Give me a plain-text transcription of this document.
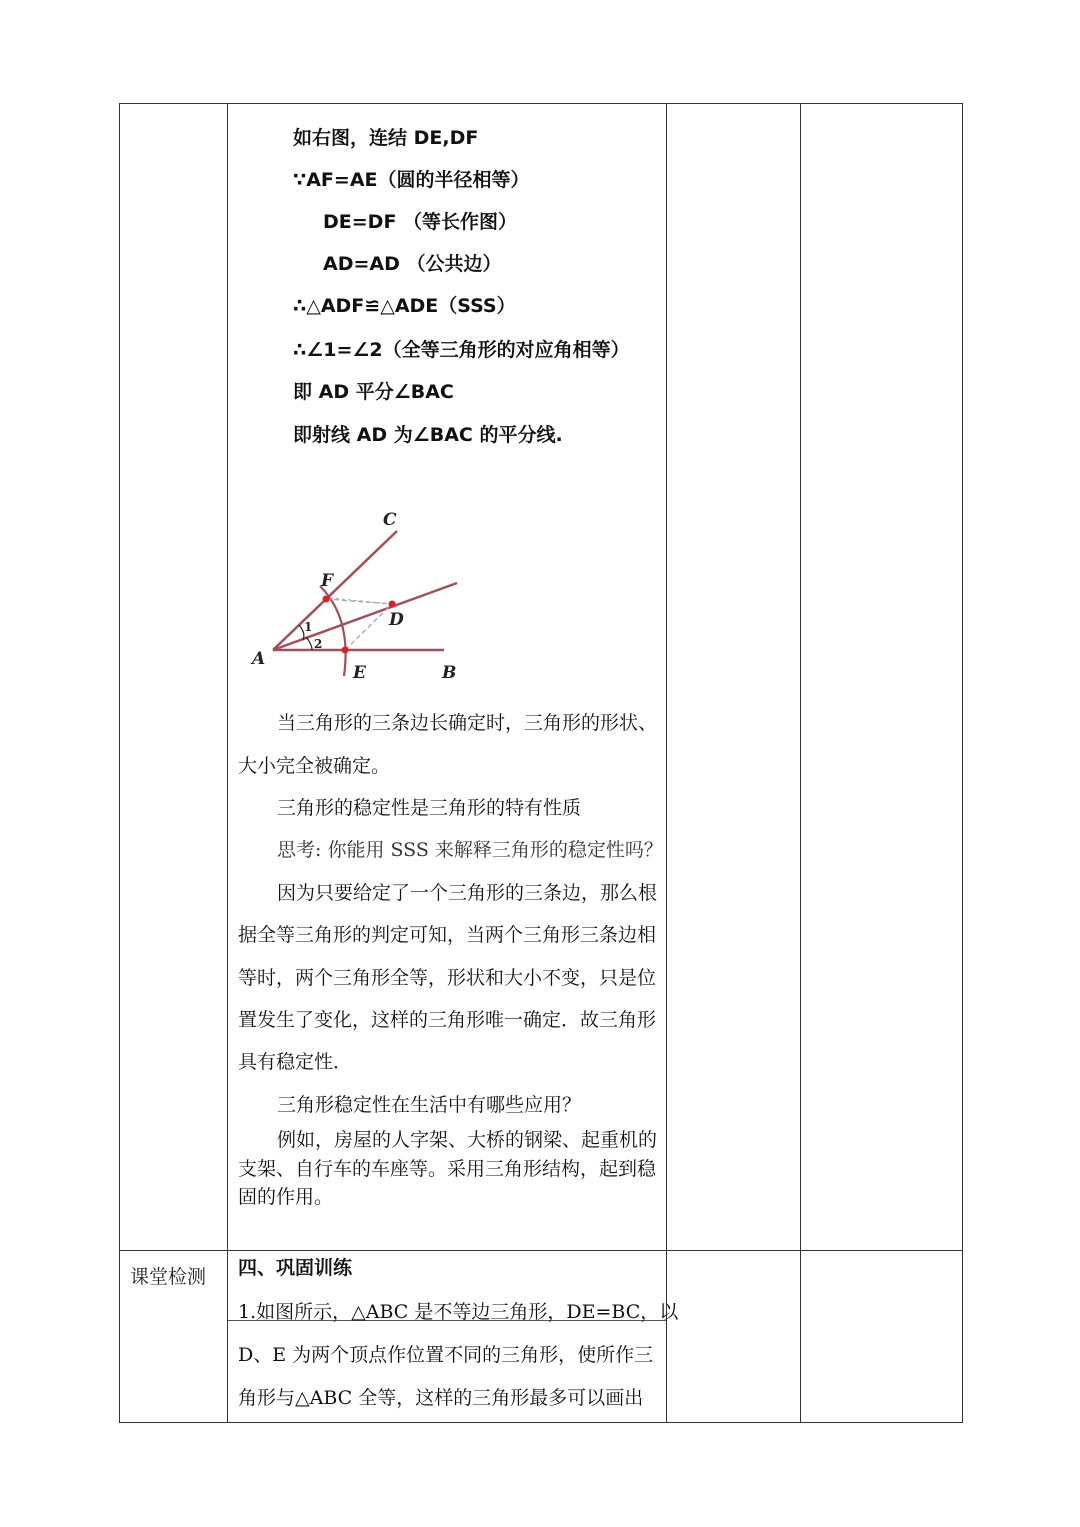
如右图，连结 DE,DF
∵AF=AE（圆的半径相等）
DE=DF （等长作图）
AD=AD （公共边）
∴△ADF≌△ADE（SSS）
∴∠1=∠2（全等三角形的对应角相等）
即 AD 平分∠BAC
即射线 AD 为∠BAC 的平分线.
A
B
C
D
E
F
1
2
当三角形的三条边长确定时，三角形的形状、
大小完全被确定。
三角形的稳定性是三角形的特有性质
思考: 你能用 SSS 来解释三角形的稳定性吗？
因为只要给定了一个三角形的三条边，那么根
据全等三角形的判定可知，当两个三角形三条边相
等时，两个三角形全等，形状和大小不变，只是位
置发生了变化，这样的三角形唯一确定．故三角形
具有稳定性．
三角形稳定性在生活中有哪些应用？
例如，房屋的人字架、大桥的钢梁、起重机的
支架、自行车的车座等。采用三角形结构，起到稳
固的作用。
课堂检测 四、巩固训练
1.如图所示，△ABC 是不等边三角形，DE=BC，以
D、E 为两个顶点作位置不同的三角形，使所作三
角形与△ABC 全等，这样的三角形最多可以画出
